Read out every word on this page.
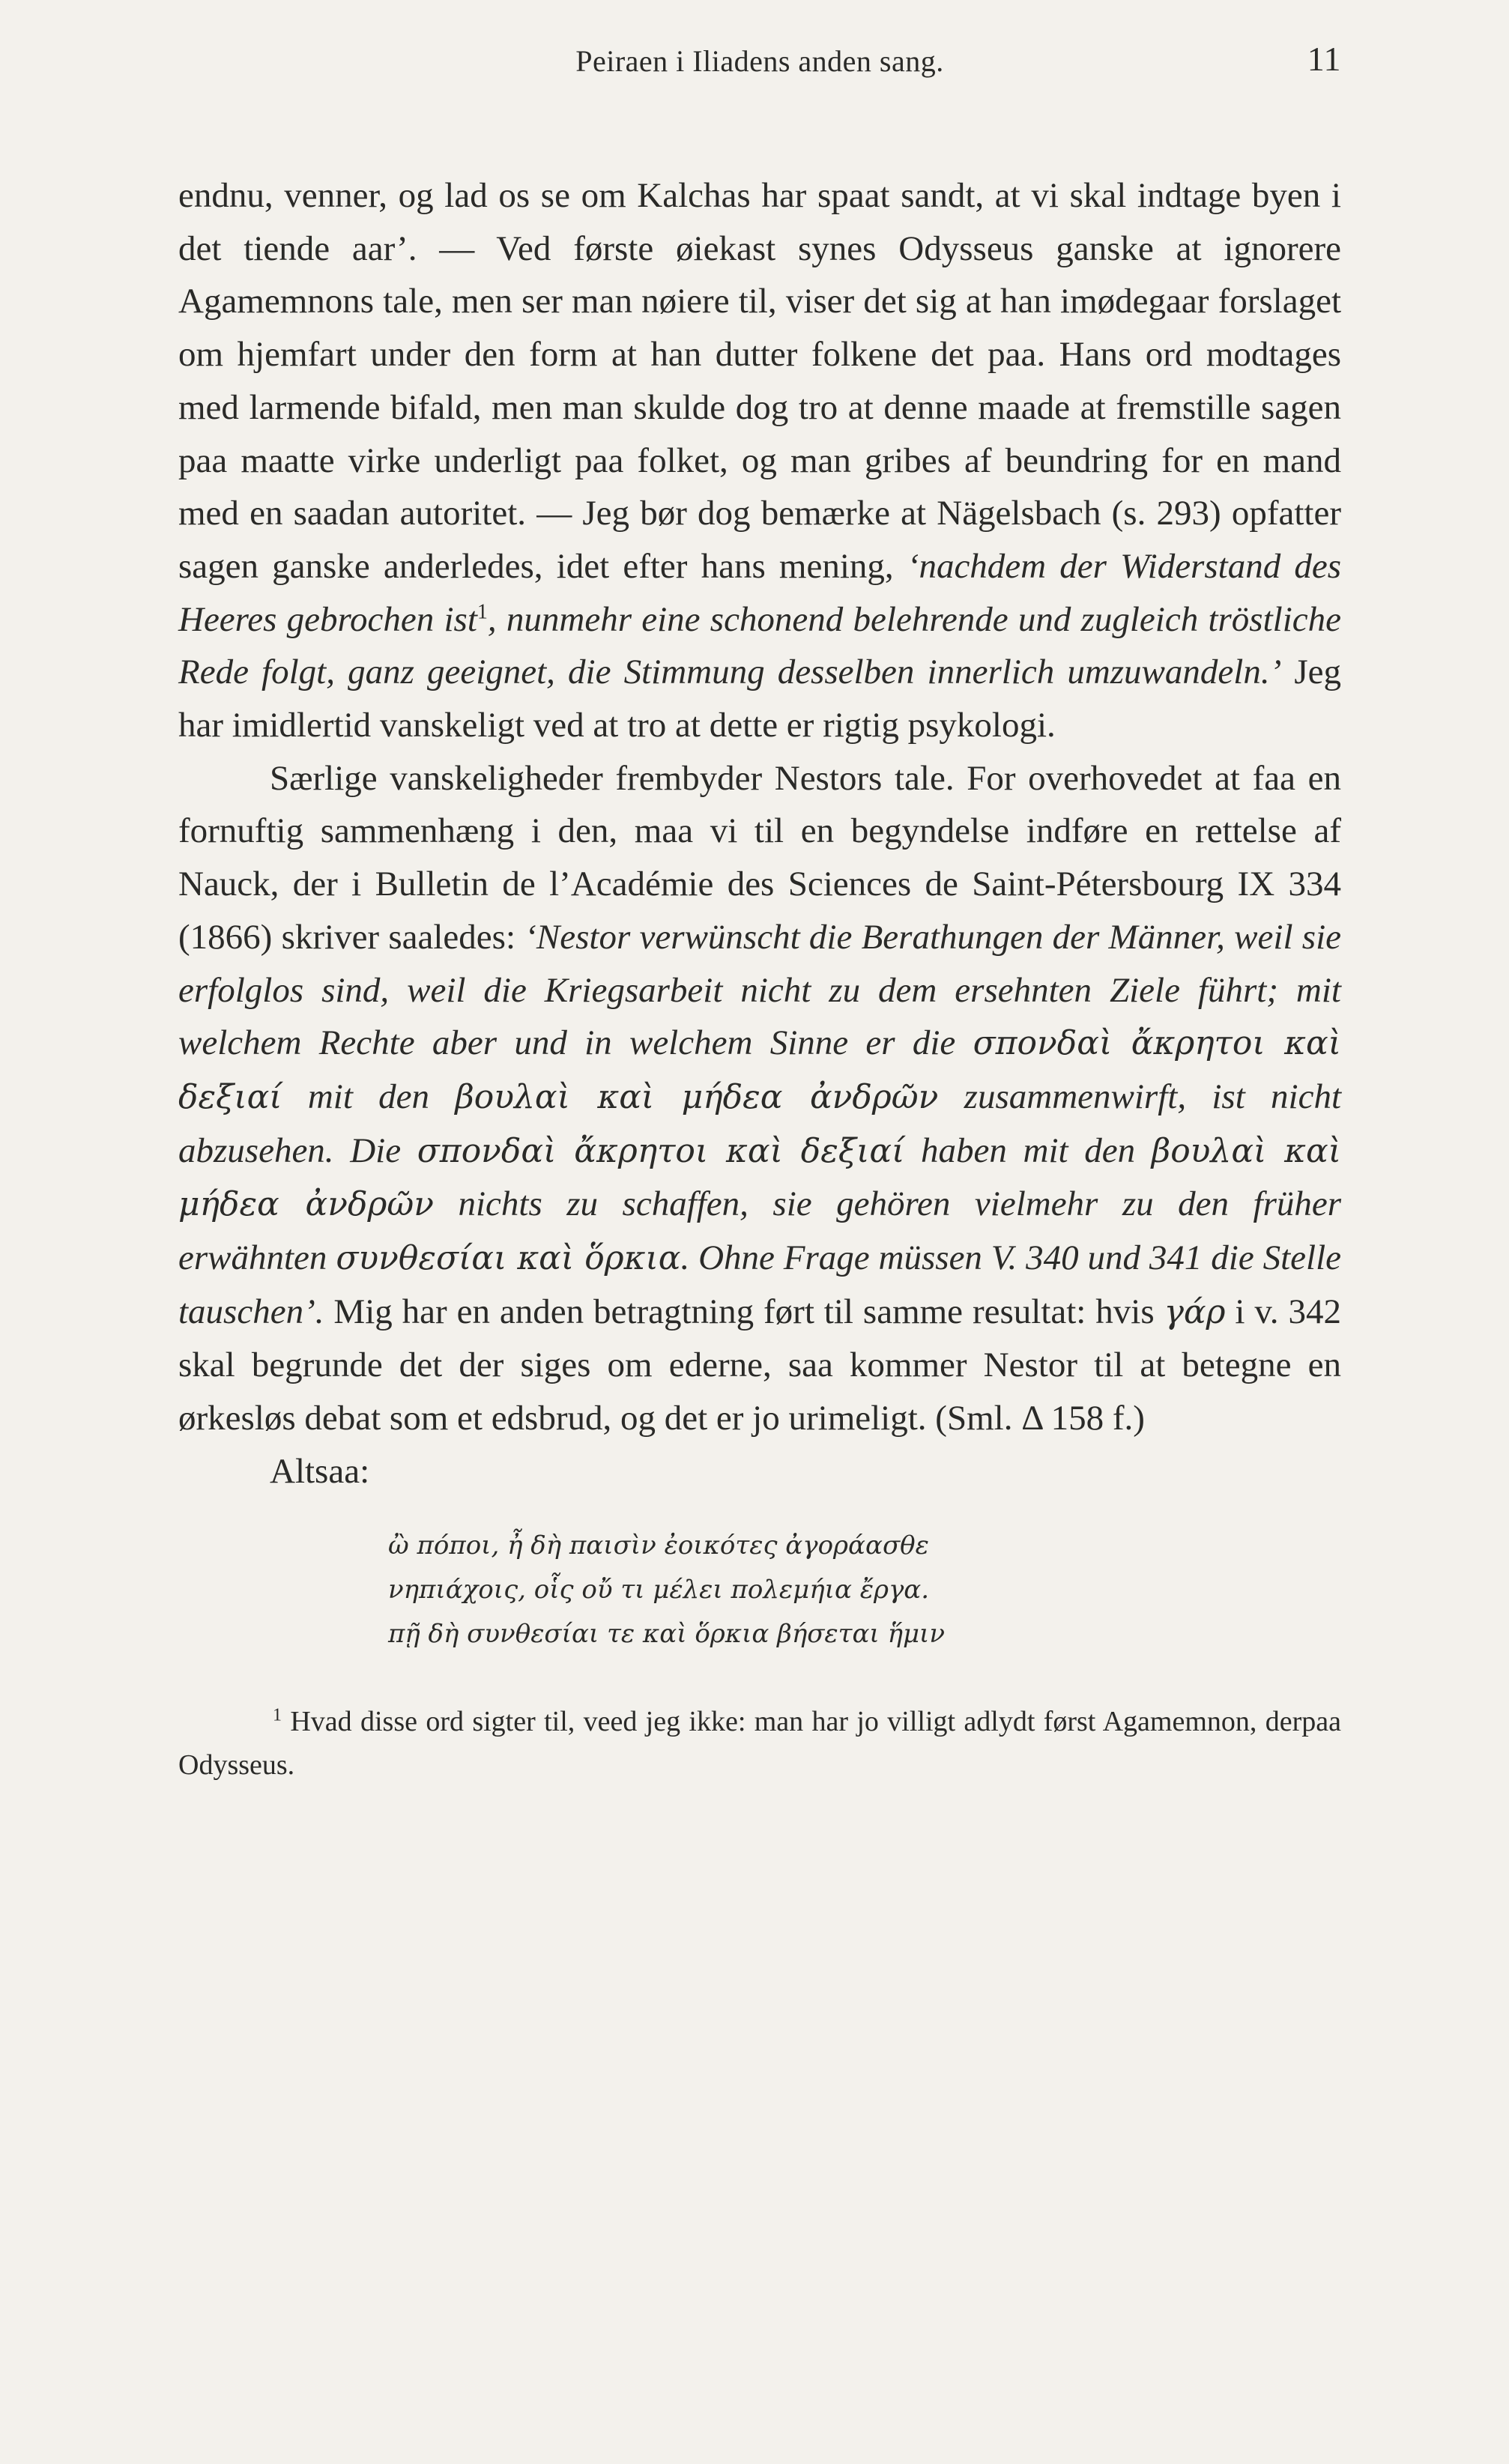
Peiraen i Iliadens anden sang.	11

endnu, venner, og lad os se om Kalchas har spaat sandt, at vi skal indtage byen i det tiende aar’. — Ved første øiekast synes Odysseus ganske at ignorere Agamemnons tale, men ser man nøiere til, viser det sig at han imødegaar forslaget om hjemfart under den form at han dutter folkene det paa. Hans ord modtages med larmende bifald, men man skulde dog tro at denne maade at fremstille sagen paa maatte virke underligt paa folket, og man gribes af beundring for en mand med en saadan autoritet. — Jeg bør dog bemærke at Nägelsbach (s. 293) opfatter sagen ganske anderledes, idet efter hans mening, ‘nachdem der Widerstand des Heeres gebrochen ist$^1$, nunmehr eine schonend belehrende und zugleich tröstliche Rede folgt, ganz geeignet, die Stimmung desselben innerlich umzuwandeln.’ Jeg har imidlertid vanskeligt ved at tro at dette er rigtig psykologi.

Særlige vanskeligheder frembyder Nestors tale. For overhovedet at faa en fornuftig sammenhæng i den, maa vi til en begyndelse indføre en rettelse af Nauck, der i Bulletin de l’Académie des Sciences de Saint-Pétersbourg IX 334 (1866) skriver saaledes: ‘Nestor verwünscht die Berathungen der Männer, weil sie erfolglos sind, weil die Kriegsarbeit nicht zu dem ersehnten Ziele führt; mit welchem Rechte aber und in welchem Sinne er die σπονδαὶ ἄκρητοι καὶ δεξιαί mit den βουλαὶ καὶ μήδεα ἀνδρῶν zusammenwirft, ist nicht abzusehen. Die σπονδαὶ ἄκρητοι καὶ δεξιαί haben mit den βουλαὶ καὶ μήδεα ἀνδρῶν nichts zu schaffen, sie gehören vielmehr zu den früher erwähnten συνθεσίαι καὶ ὅρκια. Ohne Frage müssen V. 340 und 341 die Stelle tauschen’. Mig har en anden betragtning ført til samme resultat: hvis γάρ i v. 342 skal begrunde det der siges om ederne, saa kommer Nestor til at betegne en ørkesløs debat som et edsbrud, og det er jo urimeligt. (Sml. Δ 158 f.)

Altsaa:

ὢ πόποι, ἦ δὴ παισὶν ἐοικότες ἀγοράασθε
νηπιάχοις, οἷς οὔ τι μέλει πολεμήια ἔργα.
πῇ δὴ συνθεσίαι τε καὶ ὅρκια βήσεται ἥμιν

$^1$ Hvad disse ord sigter til, veed jeg ikke: man har jo villigt adlydt først Agamemnon, derpaa Odysseus.
